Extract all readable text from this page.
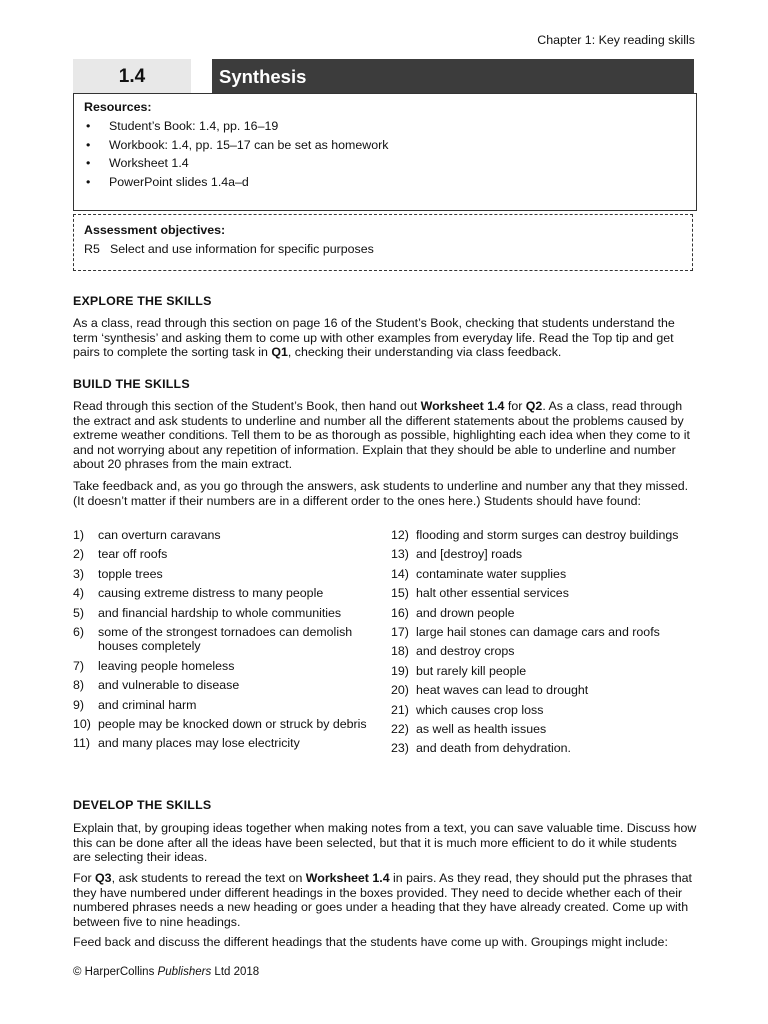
Chapter 1: Key reading skills
1.4	Synthesis
Resources:
• Student’s Book: 1.4, pp. 16–19
• Workbook: 1.4, pp. 15–17 can be set as homework
• Worksheet 1.4
• PowerPoint slides 1.4a–d
Assessment objectives:
R5 Select and use information for specific purposes
EXPLORE THE SKILLS

As a class, read through this section on page 16 of the Student’s Book, checking that students understand the term ‘synthesis’ and asking them to come up with other examples from everyday life. Read the Top tip and get pairs to complete the sorting task in Q1, checking their understanding via class feedback.

BUILD THE SKILLS

Read through this section of the Student’s Book, then hand out Worksheet 1.4 for Q2. As a class, read through the extract and ask students to underline and number all the different statements about the problems caused by extreme weather conditions. Tell them to be as thorough as possible, highlighting each idea when they come to it and not worrying about any repetition of information. Explain that they should be able to underline and number about 20 phrases from the main extract.

Take feedback and, as you go through the answers, ask students to underline and number any that they missed. (It doesn’t matter if their numbers are in a different order to the ones here.) Students should have found:

1) can overturn caravans
2) tear off roofs
3) topple trees
4) causing extreme distress to many people
5) and financial hardship to whole communities
6) some of the strongest tornadoes can demolish houses completely
7) leaving people homeless
8) and vulnerable to disease
9) and criminal harm
10) people may be knocked down or struck by debris
11) and many places may lose electricity
12) flooding and storm surges can destroy buildings
13) and [destroy] roads
14) contaminate water supplies
15) halt other essential services
16) and drown people
17) large hail stones can damage cars and roofs
18) and destroy crops
19) but rarely kill people
20) heat waves can lead to drought
21) which causes crop loss
22) as well as health issues
23) and death from dehydration.
DEVELOP THE SKILLS

Explain that, by grouping ideas together when making notes from a text, you can save valuable time. Discuss how this can be done after all the ideas have been selected, but that it is much more efficient to do it while students are selecting their ideas.

For Q3, ask students to reread the text on Worksheet 1.4 in pairs. As they read, they should put the phrases that they have numbered under different headings in the boxes provided. They need to decide whether each of their numbered phrases needs a new heading or goes under a heading that they have already created. Come up with between five to nine headings.

Feed back and discuss the different headings that the students have come up with. Groupings might include:

© HarperCollins Publishers Ltd 2018
